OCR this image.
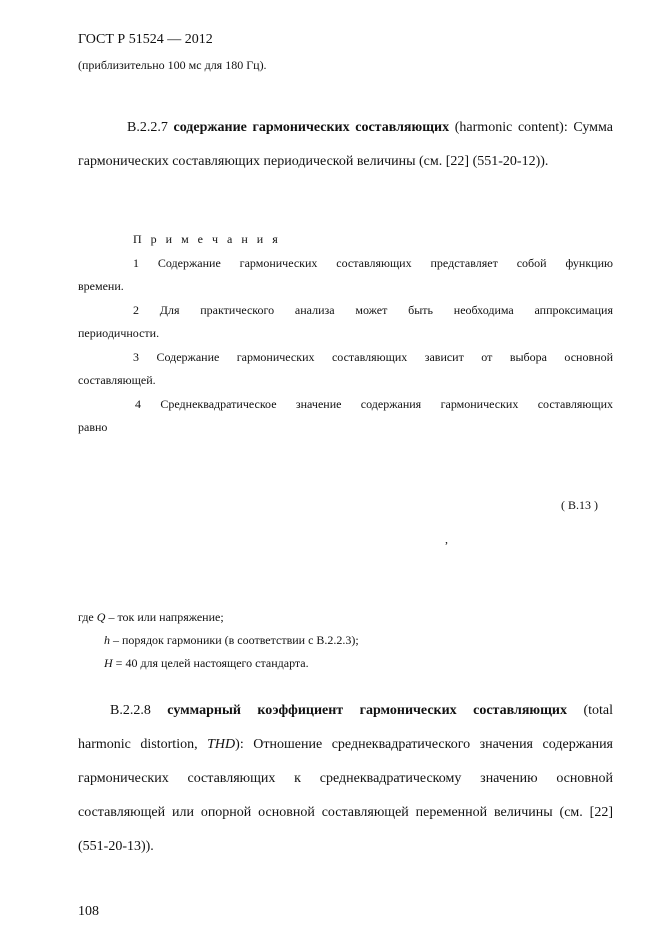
ГОСТ Р 51524 — 2012
(приблизительно 100 мс для 180 Гц).
В.2.2.7 содержание гармонических составляющих (harmonic content): Сумма
гармонических составляющих периодической величины (см. [22] (551-20-12)).
П р и м е ч а н и я
1 Содержание гармонических составляющих представляет собой функцию
времени.
2 Для практического анализа может быть необходима аппроксимация
периодичности.
3 Содержание гармонических составляющих зависит от выбора основной
составляющей.
4 Среднеквадратическое значение содержания гармонических составляющих
равно
( В.13 )
,
где Q – ток или напряжение;
h – порядок гармоники (в соответствии с В.2.2.3);
H = 40 для целей настоящего стандарта.
В.2.2.8 суммарный коэффициент гармонических составляющих (total
harmonic distortion, THD): Отношение среднеквадратического значения содержания
гармонических составляющих к среднеквадратическому значению основной
составляющей или опорной основной составляющей переменной величины (см. [22]
(551-20-13)).
108
